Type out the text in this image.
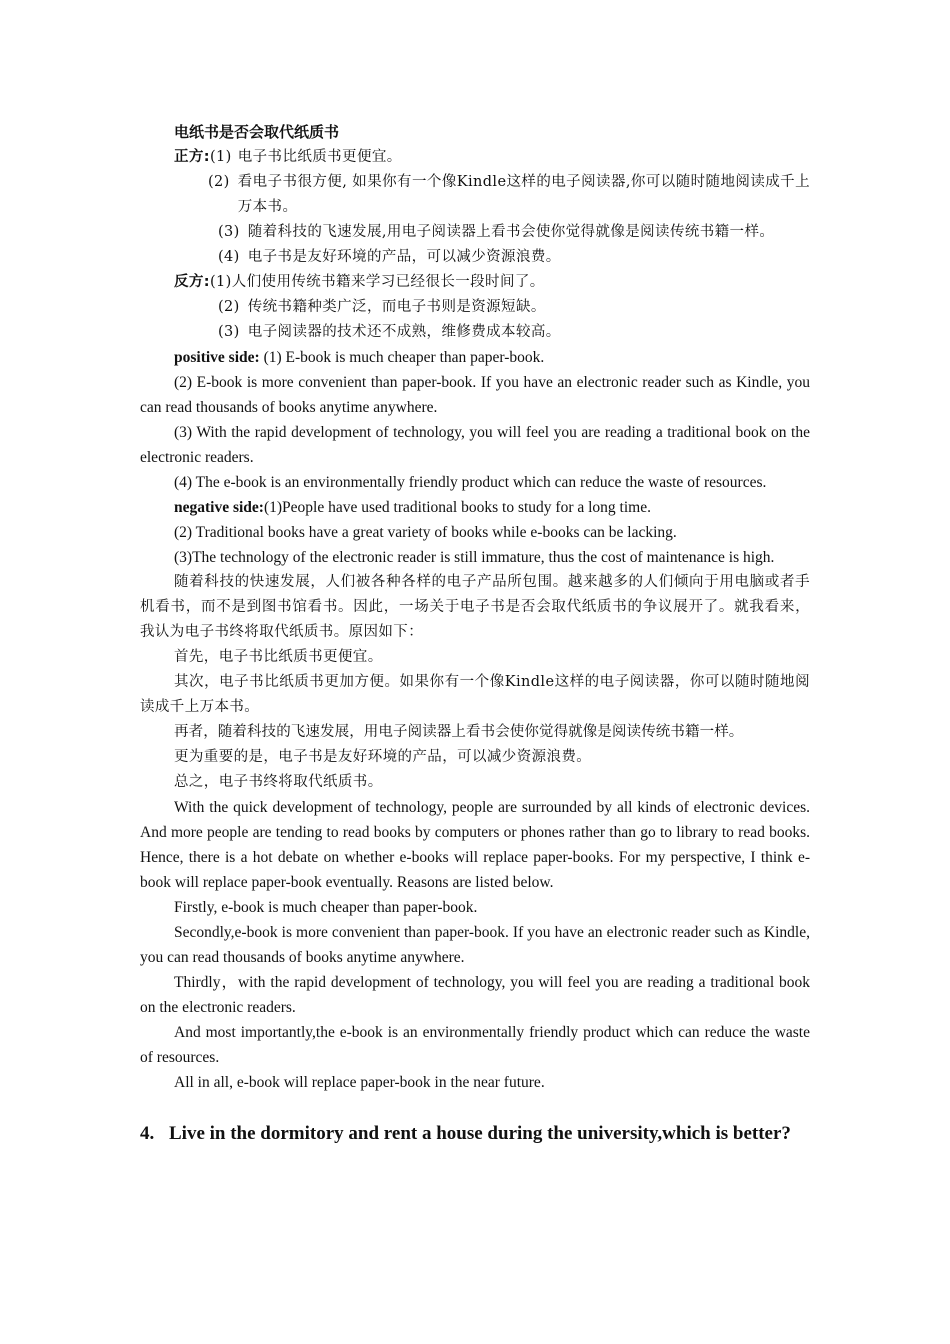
电纸书是否会取代纸质书

正方: (1) 电子书比纸质书更便宜。
(2) 看电子书很方便, 如果你有一个像Kindle这样的电子阅读器,你可以随时随地阅读成千上万本书。
(3) 随着科技的飞速发展,用电子阅读器上看书会使你觉得就像是阅读传统书籍一样。
(4) 电子书是友好环境的产品，可以减少资源浪费。
反方: (1) 人们使用传统书籍来学习已经很长一段时间了。
(2) 传统书籍种类广泛，而电子书则是资源短缺。
(3) 电子阅读器的技术还不成熟，维修费成本较高。

positive side: (1) E-book is much cheaper than paper-book.

(2) E-book is more convenient than paper-book. If you have an electronic reader such as Kindle, you can read thousands of books anytime anywhere.

(3) With the rapid development of technology, you will feel you are reading a traditional book on the electronic readers.

(4) The e-book is an environmentally friendly product which can reduce the waste of resources.

negative side:(1)People have used traditional books to study for a long time.

(2) Traditional books have a great variety of books while e-books can be lacking.

(3)The technology of the electronic reader is still immature, thus the cost of maintenance is high.

随着科技的快速发展，人们被各种各样的电子产品所包围。越来越多的人们倾向于用电脑或者手机看书，而不是到图书馆看书。因此，一场关于电子书是否会取代纸质书的争议展开了。就我看来，我认为电子书终将取代纸质书。原因如下：

首先，电子书比纸质书更便宜。

其次，电子书比纸质书更加方便。如果你有一个像Kindle这样的电子阅读器，你可以随时随地阅读成千上万本书。

再者，随着科技的飞速发展，用电子阅读器上看书会使你觉得就像是阅读传统书籍一样。

更为重要的是，电子书是友好环境的产品，可以减少资源浪费。

总之，电子书终将取代纸质书。

With the quick development of technology, people are surrounded by all kinds of electronic devices. And more people are tending to read books by computers or phones rather than go to library to read books. Hence, there is a hot debate on whether e-books will replace paper-books. For my perspective, I think e-book will replace paper-book eventually. Reasons are listed below.

Firstly, e-book is much cheaper than paper-book.

Secondly,e-book is more convenient than paper-book. If you have an electronic reader such as Kindle, you can read thousands of books anytime anywhere.

Thirdly，with the rapid development of technology, you will feel you are reading a traditional book on the electronic readers.

And most importantly,the e-book is an environmentally friendly product which can reduce the waste of resources.

All in all, e-book will replace paper-book in the near future.

4. Live in the dormitory and rent a house during the university,which is better?
